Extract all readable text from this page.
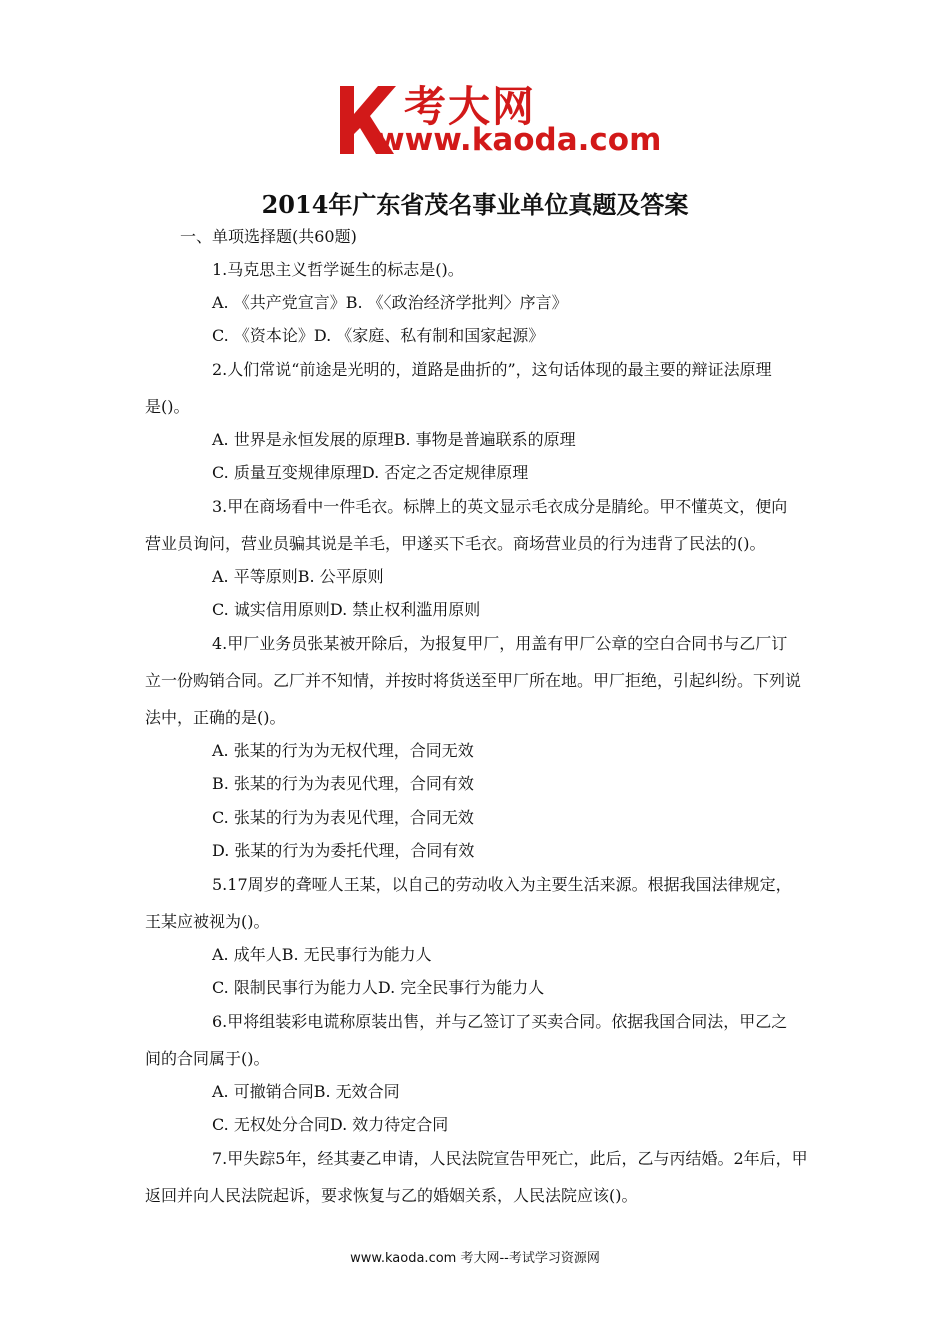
考大网
www.kaoda.com
2014年广东省茂名事业单位真题及答案

一、单项选择题(共60题)

1.马克思主义哲学诞生的标志是()。

A. 《共产党宣言》B. 《〈政治经济学批判〉序言》

C. 《资本论》D. 《家庭、私有制和国家起源》

2.人们常说“前途是光明的，道路是曲折的”，这句话体现的最主要的辩证法原理

是()。

A. 世界是永恒发展的原理B. 事物是普遍联系的原理

C. 质量互变规律原理D. 否定之否定规律原理

3.甲在商场看中一件毛衣。标牌上的英文显示毛衣成分是腈纶。甲不懂英文，便向

营业员询问，营业员骗其说是羊毛，甲遂买下毛衣。商场营业员的行为违背了民法的()。

A. 平等原则B. 公平原则

C. 诚实信用原则D. 禁止权利滥用原则

4.甲厂业务员张某被开除后，为报复甲厂，用盖有甲厂公章的空白合同书与乙厂订

立一份购销合同。乙厂并不知情，并按时将货送至甲厂所在地。甲厂拒绝，引起纠纷。下列说

法中，正确的是()。

A. 张某的行为为无权代理，合同无效

B. 张某的行为为表见代理，合同有效

C. 张某的行为为表见代理，合同无效

D. 张某的行为为委托代理，合同有效

5.17周岁的聋哑人王某，以自己的劳动收入为主要生活来源。根据我国法律规定，

王某应被视为()。

A. 成年人B. 无民事行为能力人

C. 限制民事行为能力人D. 完全民事行为能力人

6.甲将组装彩电谎称原装出售，并与乙签订了买卖合同。依据我国合同法，甲乙之

间的合同属于()。

A. 可撤销合同B. 无效合同

C. 无权处分合同D. 效力待定合同

7.甲失踪5年，经其妻乙申请，人民法院宣告甲死亡，此后，乙与丙结婚。2年后，甲

返回并向人民法院起诉，要求恢复与乙的婚姻关系，人民法院应该()。

www.kaoda.com 考大网--考试学习资源网
